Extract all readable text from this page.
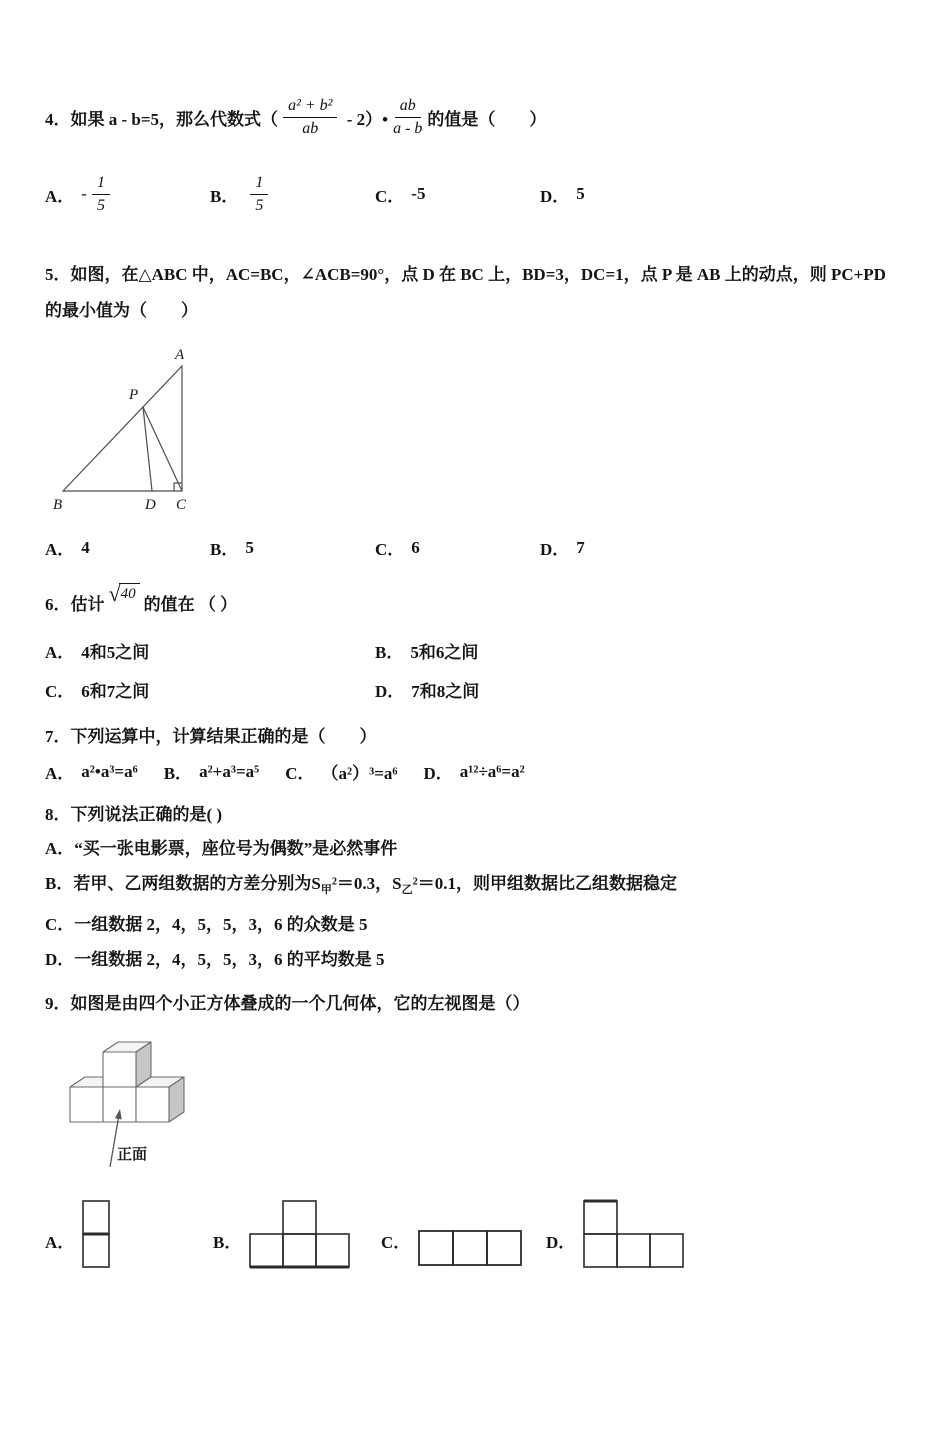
4． 如果 a - b=5，那么代数式（ $\frac{\text{a² + b²}}{ab}$ - 2）• $\frac{ab}{a - b}$ 的值是（　　）
A． - $\frac{1}{5}$	B． $\frac{1}{5}$	C． -5	D． 5
5．如图，在△ABC 中，AC=BC，∠ACB=90°，点 D 在 BC 上，BD=3，DC=1，点 P 是 AB 上的动点，则 PC+PD 的最小值为（　　）
A
B	C
D
P
A． 4	B． 5	C． 6	D． 7
6．估计 √ 40
的值在 （ ）
A． 4和5之间	B． 5和6之间
C． 6和7之间	D． 7和8之间
7．下列运算中，计算结果正确的是（　　）
A． a²•a³=a⁶ B． a²+a³=a⁵ C． （a²）³=a⁶ D． a¹²÷a⁶=a²
8．下列说法正确的是( )
A．“买一张电影票，座位号为偶数”是必然事件
B．若甲、乙两组数据的方差分别为$S_甲^2=0.3$，$S_乙^2=0.1$，则甲组数据比乙组数据稳定
C．一组数据 2，4，5，5，3，6 的众数是 5
D．一组数据 2，4，5，5，3，6 的平均数是 5
9．如图是由四个小正方体叠成的一个几何体，它的左视图是（）
正面
A．	B．	C．	D．
